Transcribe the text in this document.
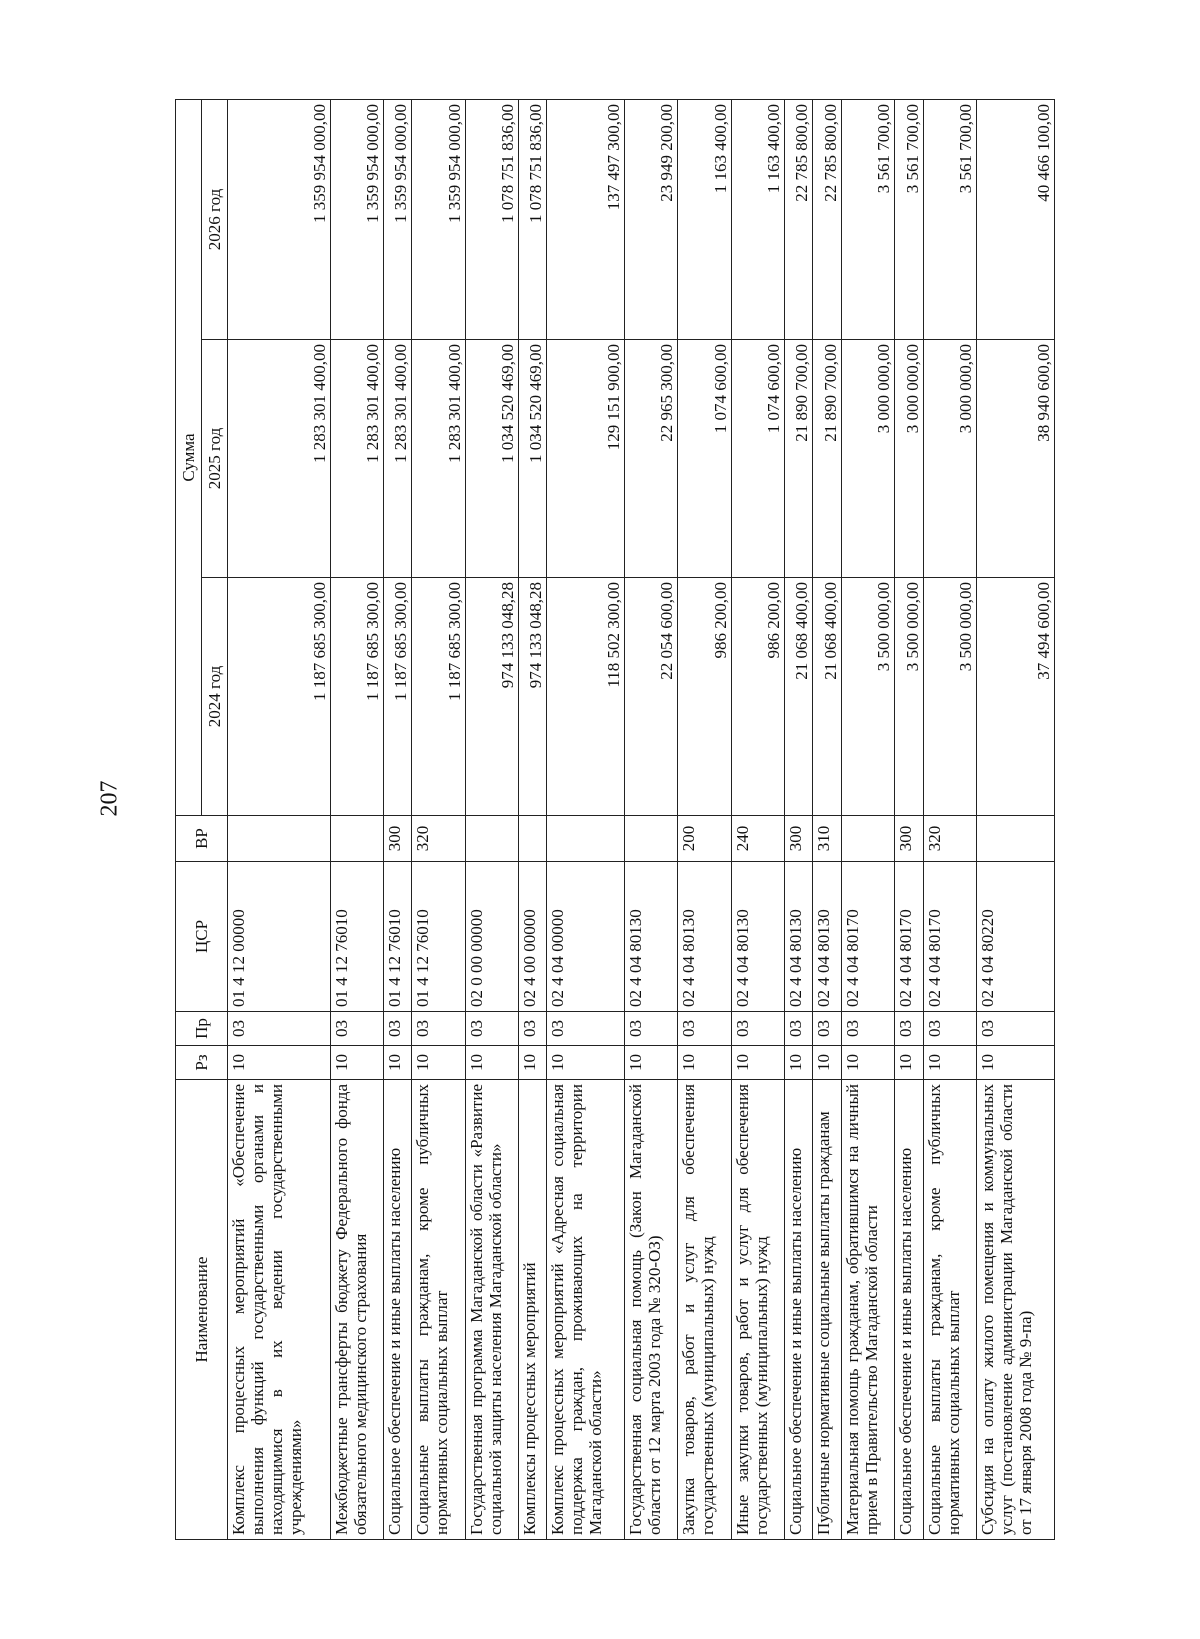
207
Наименование	Рз	Пр	ЦСР	ВР	Сумма		
					2024 год	2025 год	2026 год
Комплекс процессных мероприятий «Обеспечение выполнения функций государственными органами и находящимися в их ведении государственными учреждениями»	10	03	01 4 12 00000		1 187 685 300,00	1 283 301 400,00	1 359 954 000,00
Межбюджетные трансферты бюджету Федерального фонда обязательного медицинского страхования	10	03	01 4 12 76010		1 187 685 300,00	1 283 301 400,00	1 359 954 000,00
Социальное обеспечение и иные выплаты населению	10	03	01 4 12 76010	300	1 187 685 300,00	1 283 301 400,00	1 359 954 000,00
Социальные выплаты гражданам, кроме публичных нормативных социальных выплат	10	03	01 4 12 76010	320	1 187 685 300,00	1 283 301 400,00	1 359 954 000,00
Государственная программа Магаданской области «Развитие социальной защиты населения Магаданской области»	10	03	02 0 00 00000		974 133 048,28	1 034 520 469,00	1 078 751 836,00
Комплексы процессных мероприятий	10	03	02 4 00 00000		974 133 048,28	1 034 520 469,00	1 078 751 836,00
Комплекс процессных мероприятий «Адресная социальная поддержка граждан, проживающих на территории Магаданской области»	10	03	02 4 04 00000		118 502 300,00	129 151 900,00	137 497 300,00
Государственная социальная помощь (Закон Магаданской области от 12 марта 2003 года № 320-ОЗ)	10	03	02 4 04 80130		22 054 600,00	22 965 300,00	23 949 200,00
Закупка товаров, работ и услуг для обеспечения государственных (муниципальных) нужд	10	03	02 4 04 80130	200	986 200,00	1 074 600,00	1 163 400,00
Иные закупки товаров, работ и услуг для обеспечения государственных (муниципальных) нужд	10	03	02 4 04 80130	240	986 200,00	1 074 600,00	1 163 400,00
Социальное обеспечение и иные выплаты населению	10	03	02 4 04 80130	300	21 068 400,00	21 890 700,00	22 785 800,00
Публичные нормативные социальные выплаты гражданам	10	03	02 4 04 80130	310	21 068 400,00	21 890 700,00	22 785 800,00
Материальная помощь гражданам, обратившимся на личный прием в Правительство Магаданской области	10	03	02 4 04 80170		3 500 000,00	3 000 000,00	3 561 700,00
Социальное обеспечение и иные выплаты населению	10	03	02 4 04 80170	300	3 500 000,00	3 000 000,00	3 561 700,00
Социальные выплаты гражданам, кроме публичных нормативных социальных выплат	10	03	02 4 04 80170	320	3 500 000,00	3 000 000,00	3 561 700,00
Субсидия на оплату жилого помещения и коммунальных услуг (постановление администрации Магаданской области от 17 января 2008 года № 9-па)	10	03	02 4 04 80220		37 494 600,00	38 940 600,00	40 466 100,00
